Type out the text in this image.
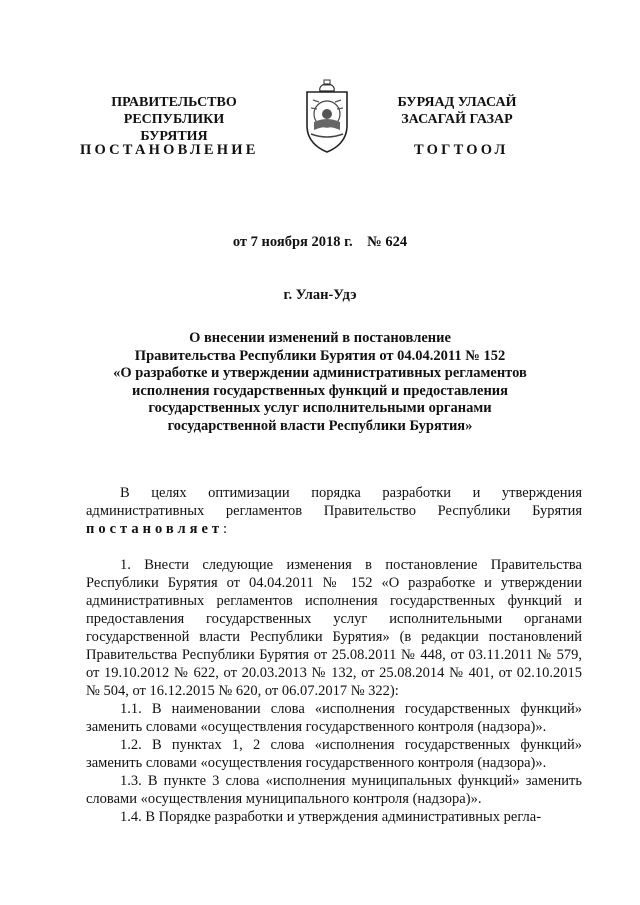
ПРАВИТЕЛЬСТВО
РЕСПУБЛИКИ БУРЯТИЯ
БУРЯАД УЛАСАЙ
ЗАСАГАЙ ГАЗАР
ПОСТАНОВЛЕНИЕ	ТОГТООЛ
от 7 ноября 2018 г.    № 624
г. Улан-Удэ
О внесении изменений в постановление
Правительства Республики Бурятия от 04.04.2011 № 152
«О разработке и утверждении административных регламентов
исполнения государственных функций и предоставления
государственных услуг исполнительными органами
государственной власти Республики Бурятия»

В целях оптимизации порядка разработки и утверждения административных регламентов Правительство Республики Бурятия постановляет:

1. Внести следующие изменения в постановление Правительства Республики Бурятия от 04.04.2011 № 152 «О разработке и утверждении административных регламентов исполнения государственных функций и предоставления государственных услуг исполнительными органами государственной власти Республики Бурятия» (в редакции постановлений Правительства Республики Бурятия от 25.08.2011 № 448, от 03.11.2011 № 579, от 19.10.2012 № 622, от 20.03.2013 № 132, от 25.08.2014 № 401, от 02.10.2015 № 504, от 16.12.2015 № 620, от 06.07.2017 № 322):

1.1. В наименовании слова «исполнения государственных функций» заменить словами «осуществления государственного контроля (надзора)».

1.2. В пунктах 1, 2 слова «исполнения государственных функций» заменить словами «осуществления государственного контроля (надзора)».

1.3. В пункте 3 слова «исполнения муниципальных функций» заменить словами «осуществления муниципального контроля (надзора)».

1.4. В Порядке разработки и утверждения административных регла-
